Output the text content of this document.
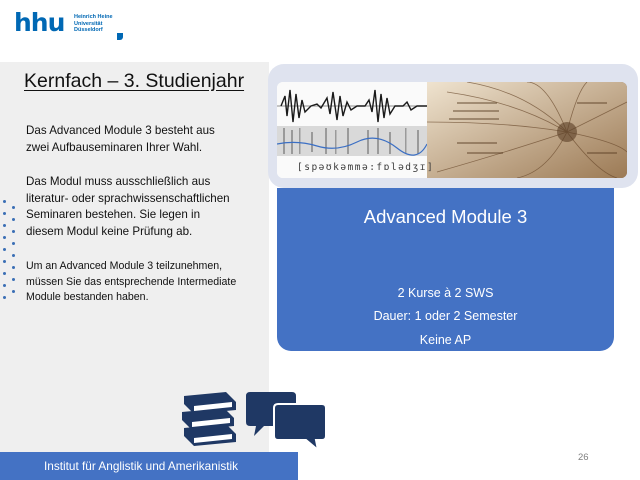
hhu Heinrich Heine
Universität
Düsseldorf
Kernfach – 3. Studienjahr
Das Advanced Module 3 besteht aus
zwei Aufbauseminaren Ihrer Wahl.
Das Modul muss ausschließlich aus
literatur- oder sprachwissenschaftlichen
Seminaren bestehen. Sie legen in
diesem Modul keine Prüfung ab.
Um an Advanced Module 3 teilzunehmen,
müssen Sie das entsprechende Intermediate
Module bestanden haben.
[spəʊkəmmə:fɒlədʒɪ]
Advanced Module 3
2 Kurse à 2 SWS
Dauer: 1 oder 2 Semester
Keine AP
26
Institut für Anglistik und Amerikanistik
